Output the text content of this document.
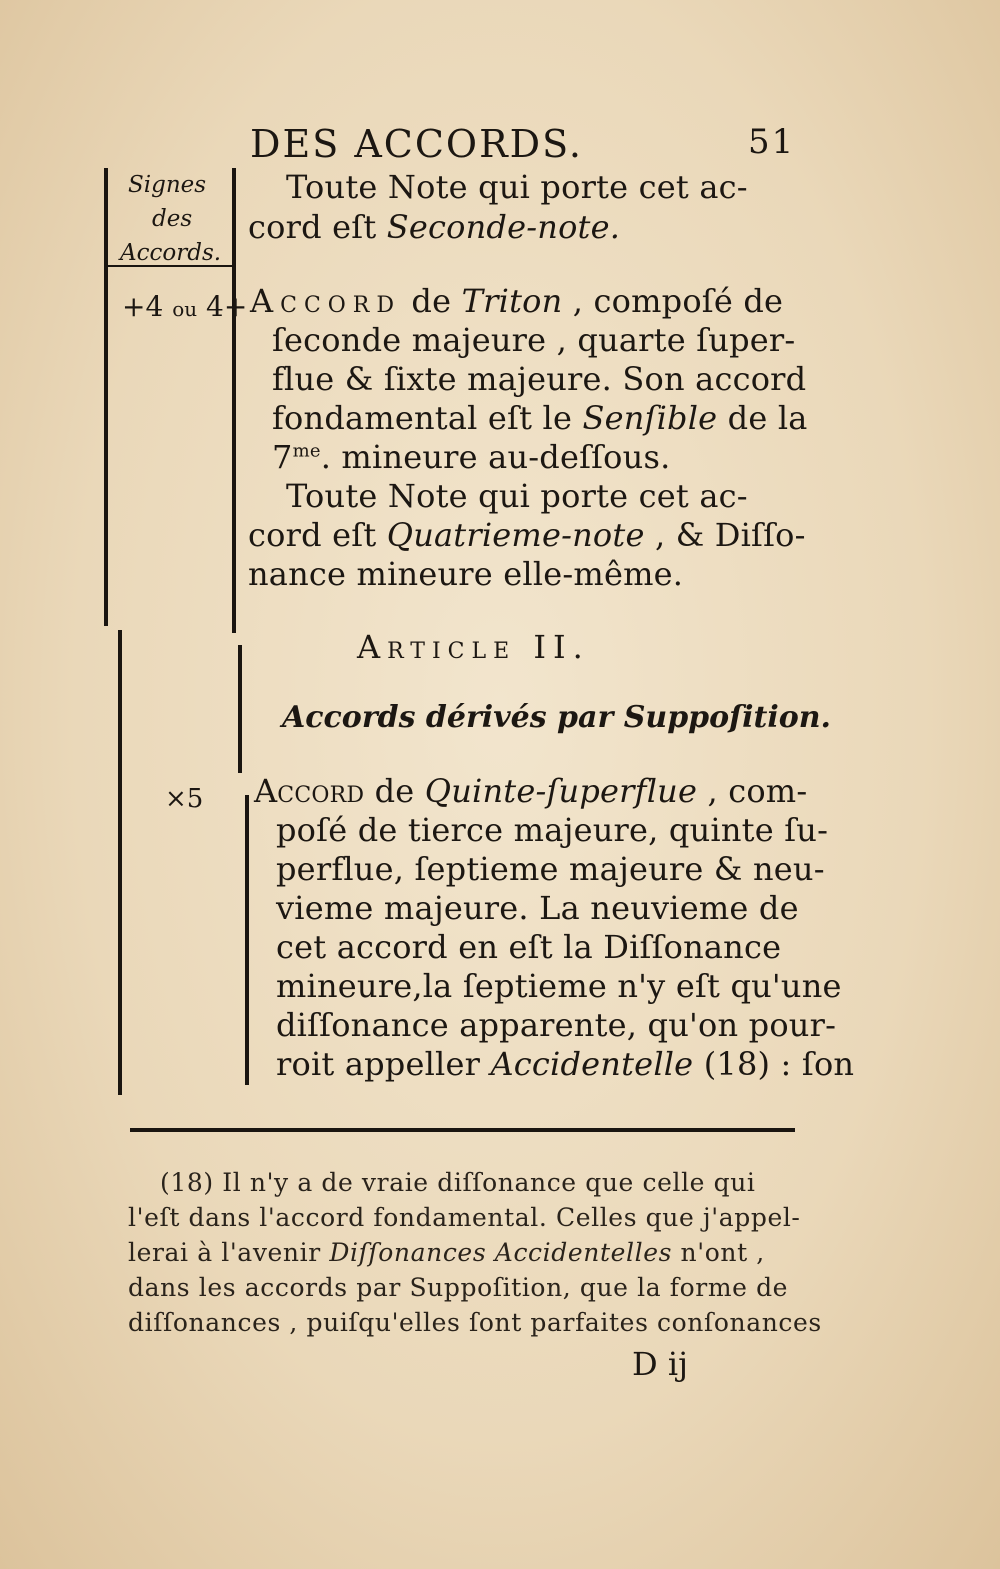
DES ACCORDS.	51
Signes
des
Accords.
+4 ou 4+
×5
Toute Note qui porte cet ac-
cord eſt Seconde-note.
Accord de Triton , compoſé de
ſeconde majeure , quarte ſuper-
flue & ſixte majeure. Son accord
fondamental eſt le Senſible de la
$7^{me}$. mineure au-deſſous.
Toute Note qui porte cet ac-
cord eſt Quatrieme-note , & Diſſo-
nance mineure elle-même.
Article II.
Accords dérivés par Suppoſition.
Accord de Quinte-ſuperflue , com-
poſé de tierce majeure, quinte ſu-
perflue, ſeptieme majeure & neu-
vieme majeure. La neuvieme de
cet accord en eſt la Diſſonance
mineure,la ſeptieme n'y eſt qu'une
diſſonance apparente, qu'on pour-
roit appeller Accidentelle (18) : ſon
(18) Il n'y a de vraie diſſonance que celle qui
l'eſt dans l'accord fondamental. Celles que j'appel-
lerai à l'avenir Diſſonances Accidentelles n'ont ,
dans les accords par Suppoſition, que la forme de
diſſonances , puiſqu'elles ſont parfaites conſonances
D ij
